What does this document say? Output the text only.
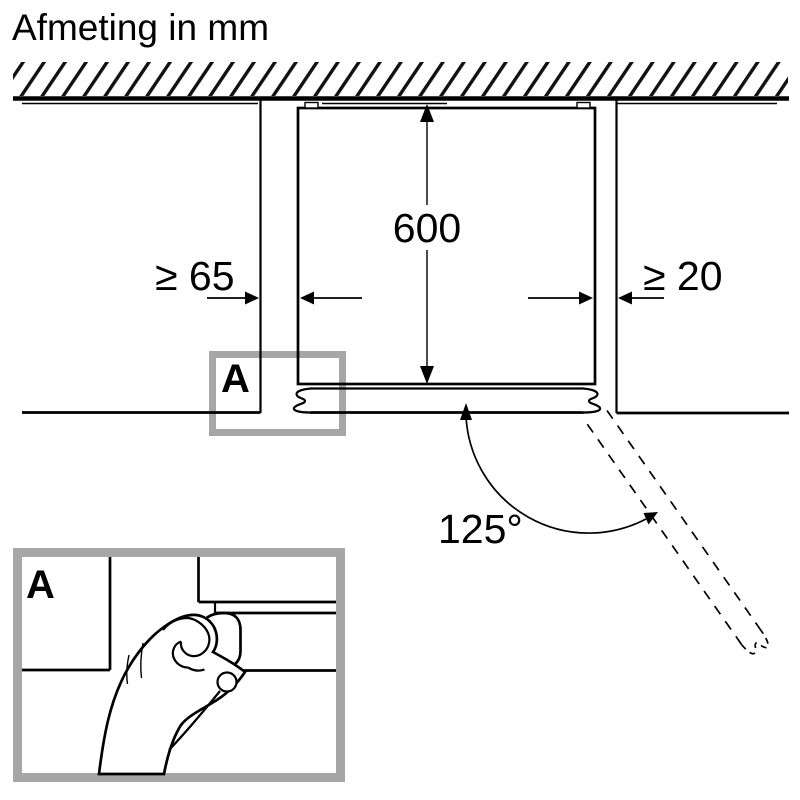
Afmeting in mm
600
≥ 65	≥ 20
125°
A
A
